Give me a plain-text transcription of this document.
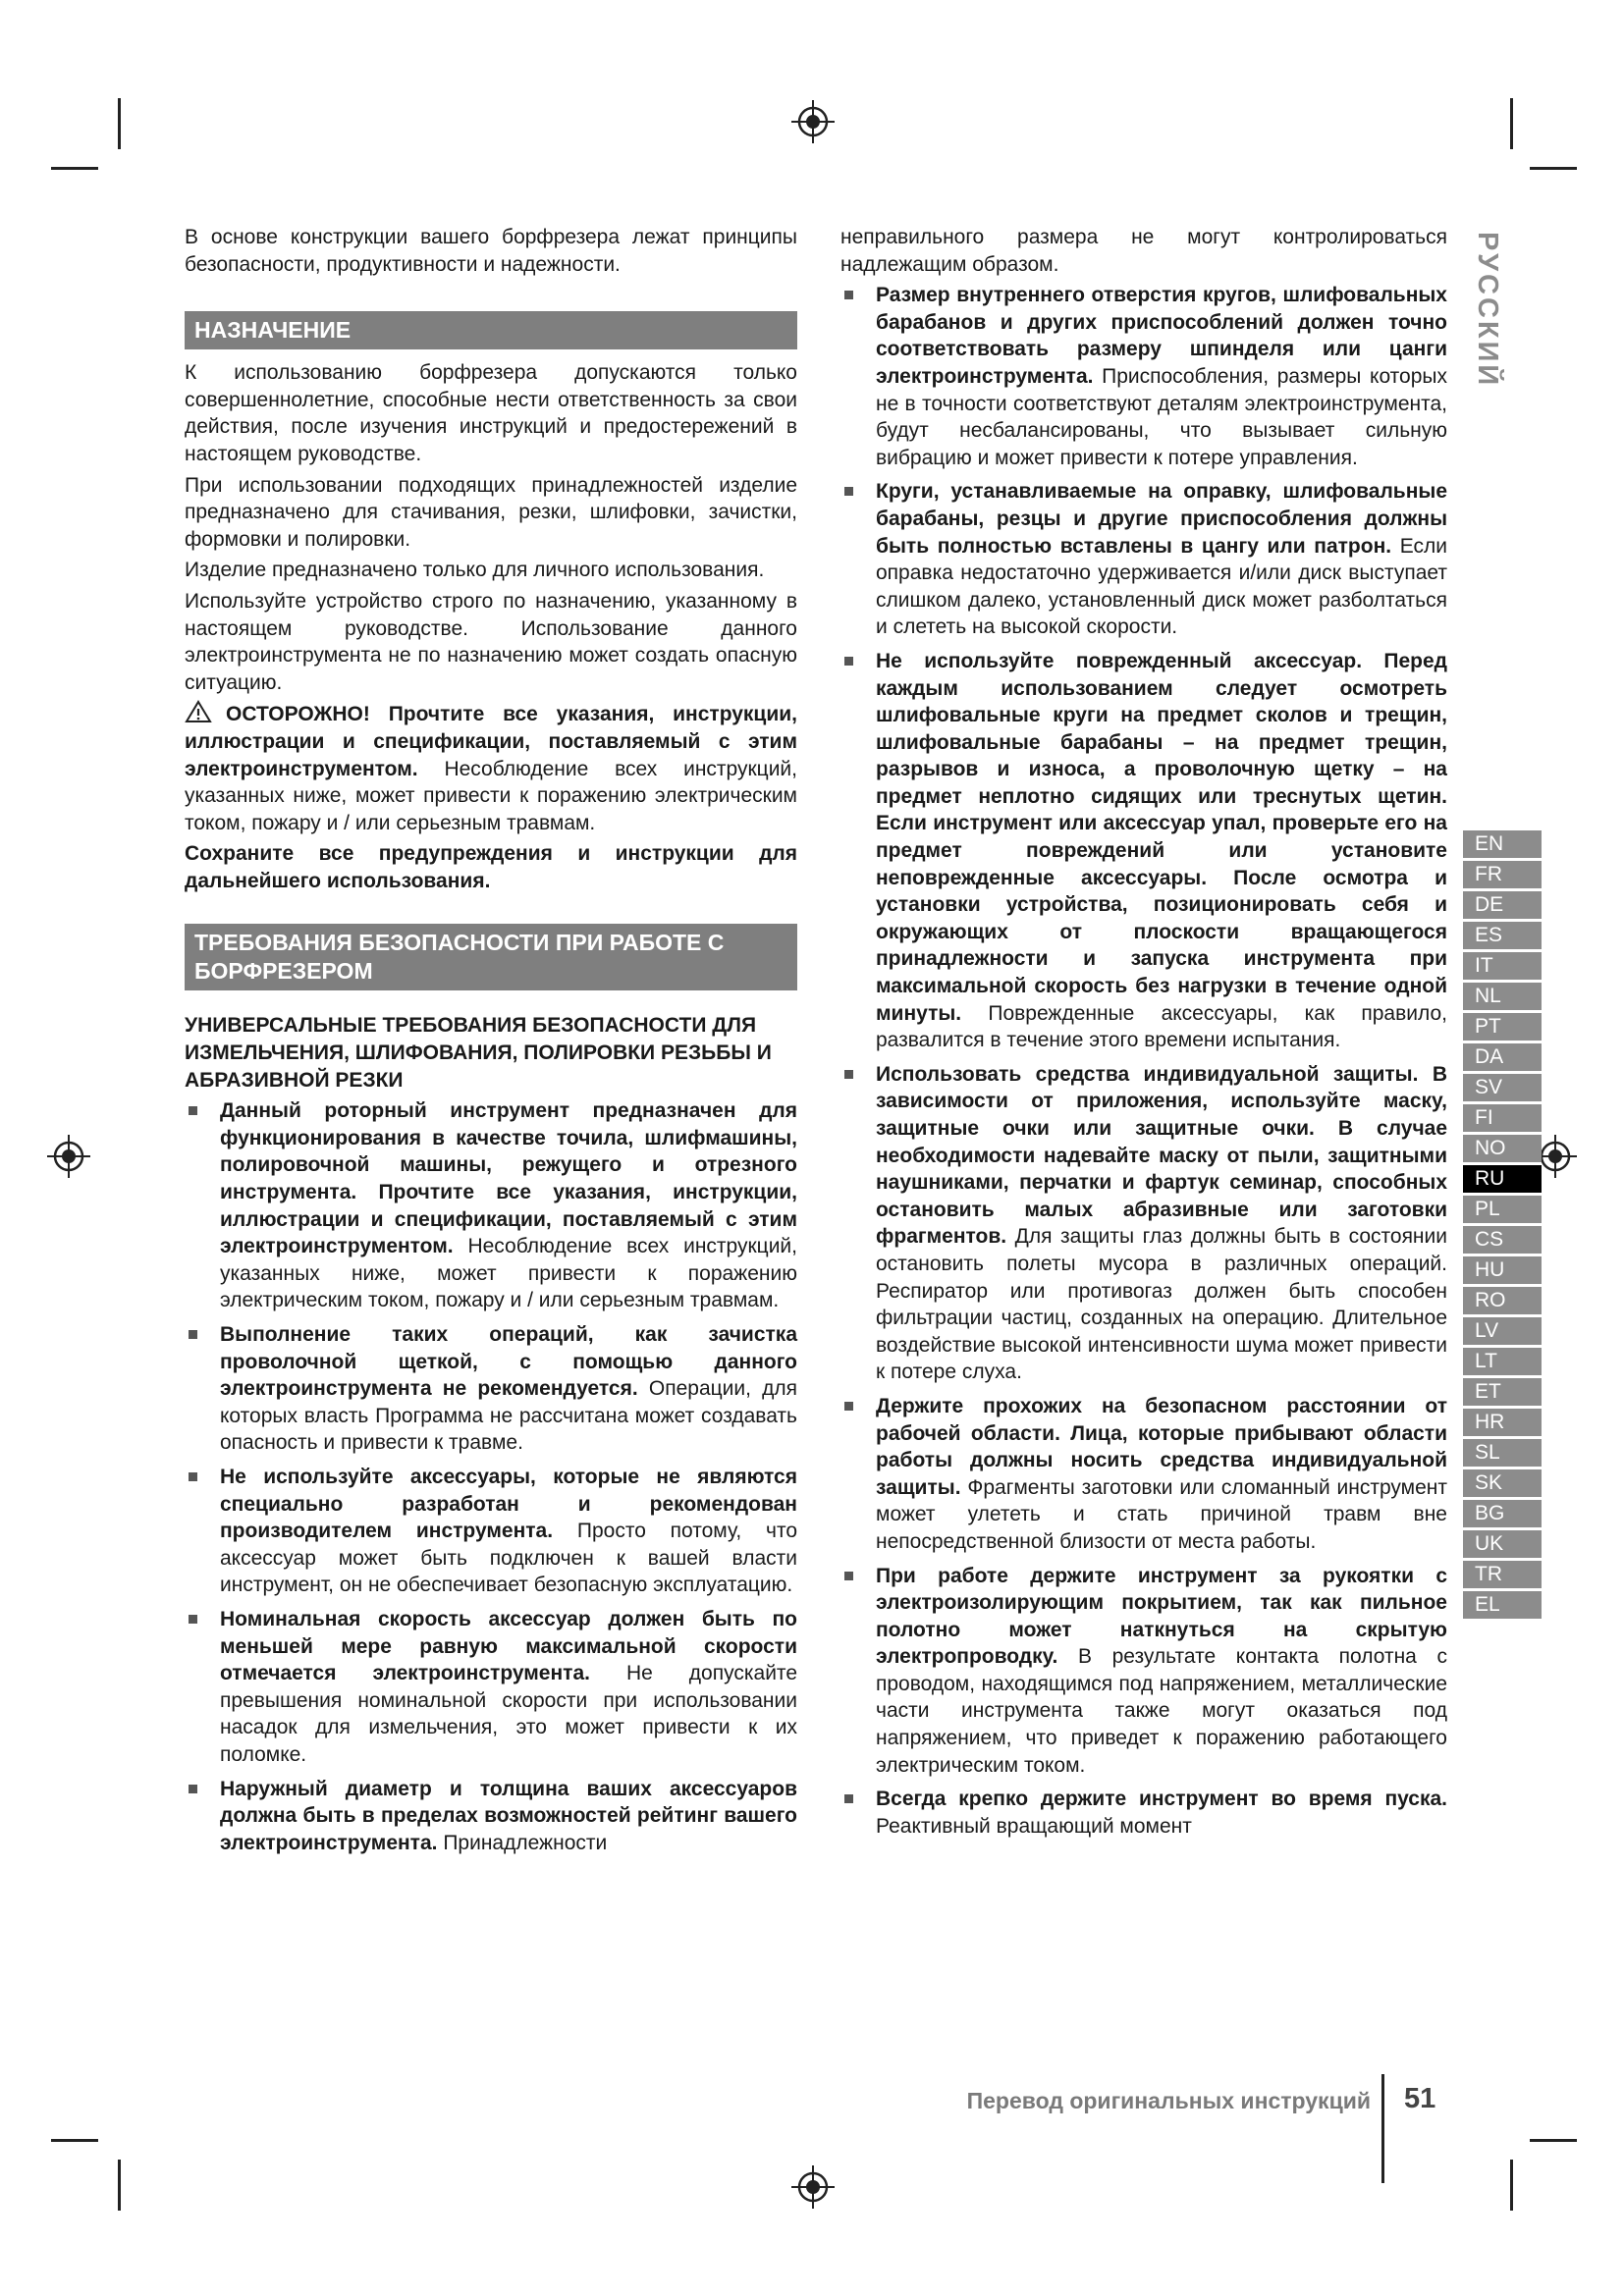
РУССКИЙ
EN
FR
DE
ES
IT
NL
PT
DA
SV
FI
NO
RU
PL
CS
HU
RO
LV
LT
ET
HR
SL
SK
BG
UK
TR
EL

В основе конструкции вашего борфрезера лежат принципы безопасности, продуктивности и надежности.

НАЗНАЧЕНИЕ

К использованию борфрезера допускаются только совершеннолетние, способные нести ответственность за свои действия, после изучения инструкций и предостережений в настоящем руководстве.

При использовании подходящих принадлежностей изделие предназначено для стачивания, резки, шлифовки, зачистки, формовки и полировки.

Изделие предназначено только для личного использования.

Используйте устройство строго по назначению, указанному в настоящем руководстве. Использование данного электроинструмента не по назначению может создать опасную ситуацию.

ОСТОРОЖНО! Прочтите все указания, инструкции, иллюстрации и спецификации, поставляемый с этим электроинструментом. Несоблюдение всех инструкций, указанных ниже, может привести к поражению электрическим током, пожару и / или серьезным травмам.

Сохраните все предупреждения и инструкции для дальнейшего использования.

ТРЕБОВАНИЯ БЕЗОПАСНОСТИ ПРИ РАБОТЕ С БОРФРЕЗЕРОМ

УНИВЕРСАЛЬНЫЕ ТРЕБОВАНИЯ БЕЗОПАСНОСТИ ДЛЯ ИЗМЕЛЬЧЕНИЯ, ШЛИФОВАНИЯ, ПОЛИРОВКИ РЕЗЬБЫ И АБРАЗИВНОЙ РЕЗКИ

Данный роторный инструмент предназначен для функционирования в качестве точила, шлифмашины, полировочной машины, режущего и отрезного инструмента. Прочтите все указания, инструкции, иллюстрации и спецификации, поставляемый с этим электроинструментом. Несоблюдение всех инструкций, указанных ниже, может привести к поражению электрическим током, пожару и / или серьезным травмам.
Выполнение таких операций, как зачистка проволочной щеткой, с помощью данного электроинструмента не рекомендуется. Операции, для которых власть Программа не рассчитана может создавать опасность и привести к травме.
Не используйте аксессуары, которые не являются специально разработан и рекомендован производителем инструмента. Просто потому, что аксессуар может быть подключен к вашей власти инструмент, он не обеспечивает безопасную эксплуатацию.
Номинальная скорость аксессуар должен быть по меньшей мере равную максимальной скорости отмечается электроинструмента. Не допускайте превышения номинальной скорости при использовании насадок для измельчения, это может привести к их поломке.
Наружный диаметр и толщина ваших аксессуаров должна быть в пределах возможностей рейтинг вашего электроинструмента. Принадлежности

неправильного размера не могут контролироваться надлежащим образом.

Размер внутреннего отверстия кругов, шлифовальных барабанов и других приспособлений должен точно соответствовать размеру шпинделя или цанги электроинструмента. Приспособления, размеры которых не в точности соответствуют деталям электроинструмента, будут несбалансированы, что вызывает сильную вибрацию и может привести к потере управления.
Круги, устанавливаемые на оправку, шлифовальные барабаны, резцы и другие приспособления должны быть полностью вставлены в цангу или патрон. Если оправка недостаточно удерживается и/или диск выступает слишком далеко, установленный диск может разболтаться и слететь на высокой скорости.
Не используйте поврежденный аксессуар. Перед каждым использованием следует осмотреть шлифовальные круги на предмет сколов и трещин, шлифовальные барабаны – на предмет трещин, разрывов и износа, а проволочную щетку – на предмет неплотно сидящих или треснутых щетин. Если инструмент или аксессуар упал, проверьте его на предмет повреждений или установите неповрежденные аксессуары. После осмотра и установки устройства, позиционировать себя и окружающих от плоскости вращающегося принадлежности и запуска инструмента при максимальной скорость без нагрузки в течение одной минуты. Поврежденные аксессуары, как правило, развалится в течение этого времени испытания.
Использовать средства индивидуальной защиты. В зависимости от приложения, используйте маску, защитные очки или защитные очки. В случае необходимости надевайте маску от пыли, защитными наушниками, перчатки и фартук семинар, способных остановить малых абразивные или заготовки фрагментов. Для защиты глаз должны быть в состоянии остановить полеты мусора в различных операций. Респиратор или противогаз должен быть способен фильтрации частиц, созданных на операцию. Длительное воздействие высокой интенсивности шума может привести к потере слуха.
Держите прохожих на безопасном расстоянии от рабочей области. Лица, которые прибывают области работы должны носить средства индивидуальной защиты. Фрагменты заготовки или сломанный инструмент может улететь и стать причиной травм вне непосредственной близости от места работы.
При работе держите инструмент за рукоятки с электроизолирующим покрытием, так как пильное полотно может наткнуться на скрытую электропроводку. В результате контакта полотна с проводом, находящимся под напряжением, металлические части инструмента также могут оказаться под напряжением, что приведет к поражению работающего электрическим током.
Всегда крепко держите инструмент во время пуска. Реактивный вращающий момент
Перевод оригинальных инструкций 51
